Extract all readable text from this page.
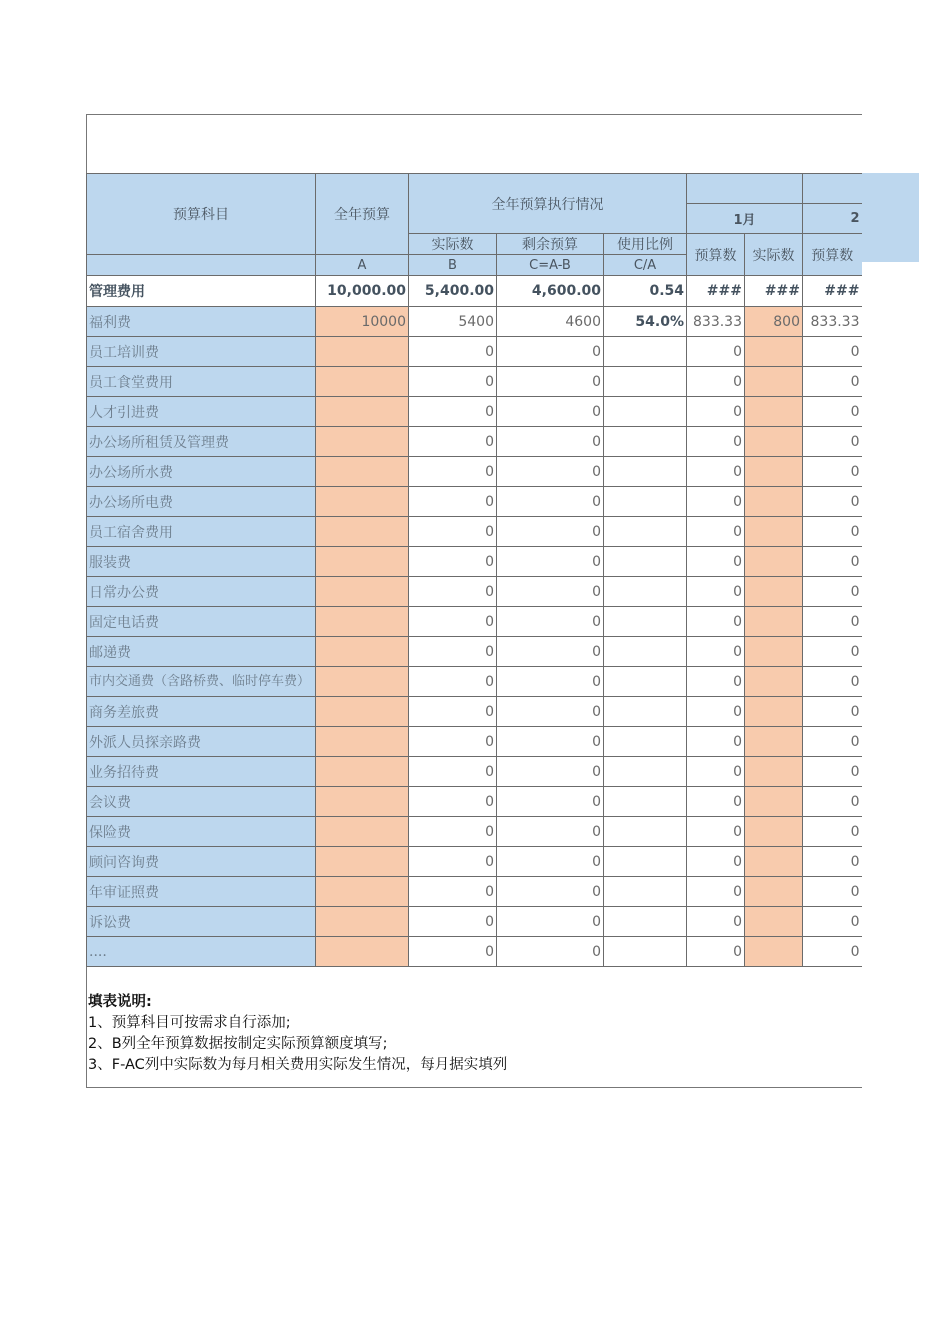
预算科目	全年预算	全年预算执行情况					
					1月		2
		实际数	剩余预算	使用比例	预算数	实际数	预算数
	A	B	C=A-B	C/A			
管理费用	10,000.00	5,400.00	4,600.00	0.54	###	###	###
福利费	10000	5400	4600	54.0%	833.33	800	833.33
员工培训费		0	0		0		0
员工食堂费用		0	0		0		0
人才引进费		0	0		0		0
办公场所租赁及管理费		0	0		0		0
办公场所水费		0	0		0		0
办公场所电费		0	0		0		0
员工宿舍费用		0	0		0		0
服装费		0	0		0		0
日常办公费		0	0		0		0
固定电话费		0	0		0		0
邮递费		0	0		0		0
市内交通费（含路桥费、临时停车费）		0	0		0		0
商务差旅费		0	0		0		0
外派人员探亲路费		0	0		0		0
业务招待费		0	0		0		0
会议费		0	0		0		0
保险费		0	0		0		0
顾问咨询费		0	0		0		0
年审证照费		0	0		0		0
诉讼费		0	0		0		0
....		0	0		0		0
填表说明:
1、预算科目可按需求自行添加;
2、B列全年预算数据按制定实际预算额度填写;
3、F-AC列中实际数为每月相关费用实际发生情况，每月据实填列
